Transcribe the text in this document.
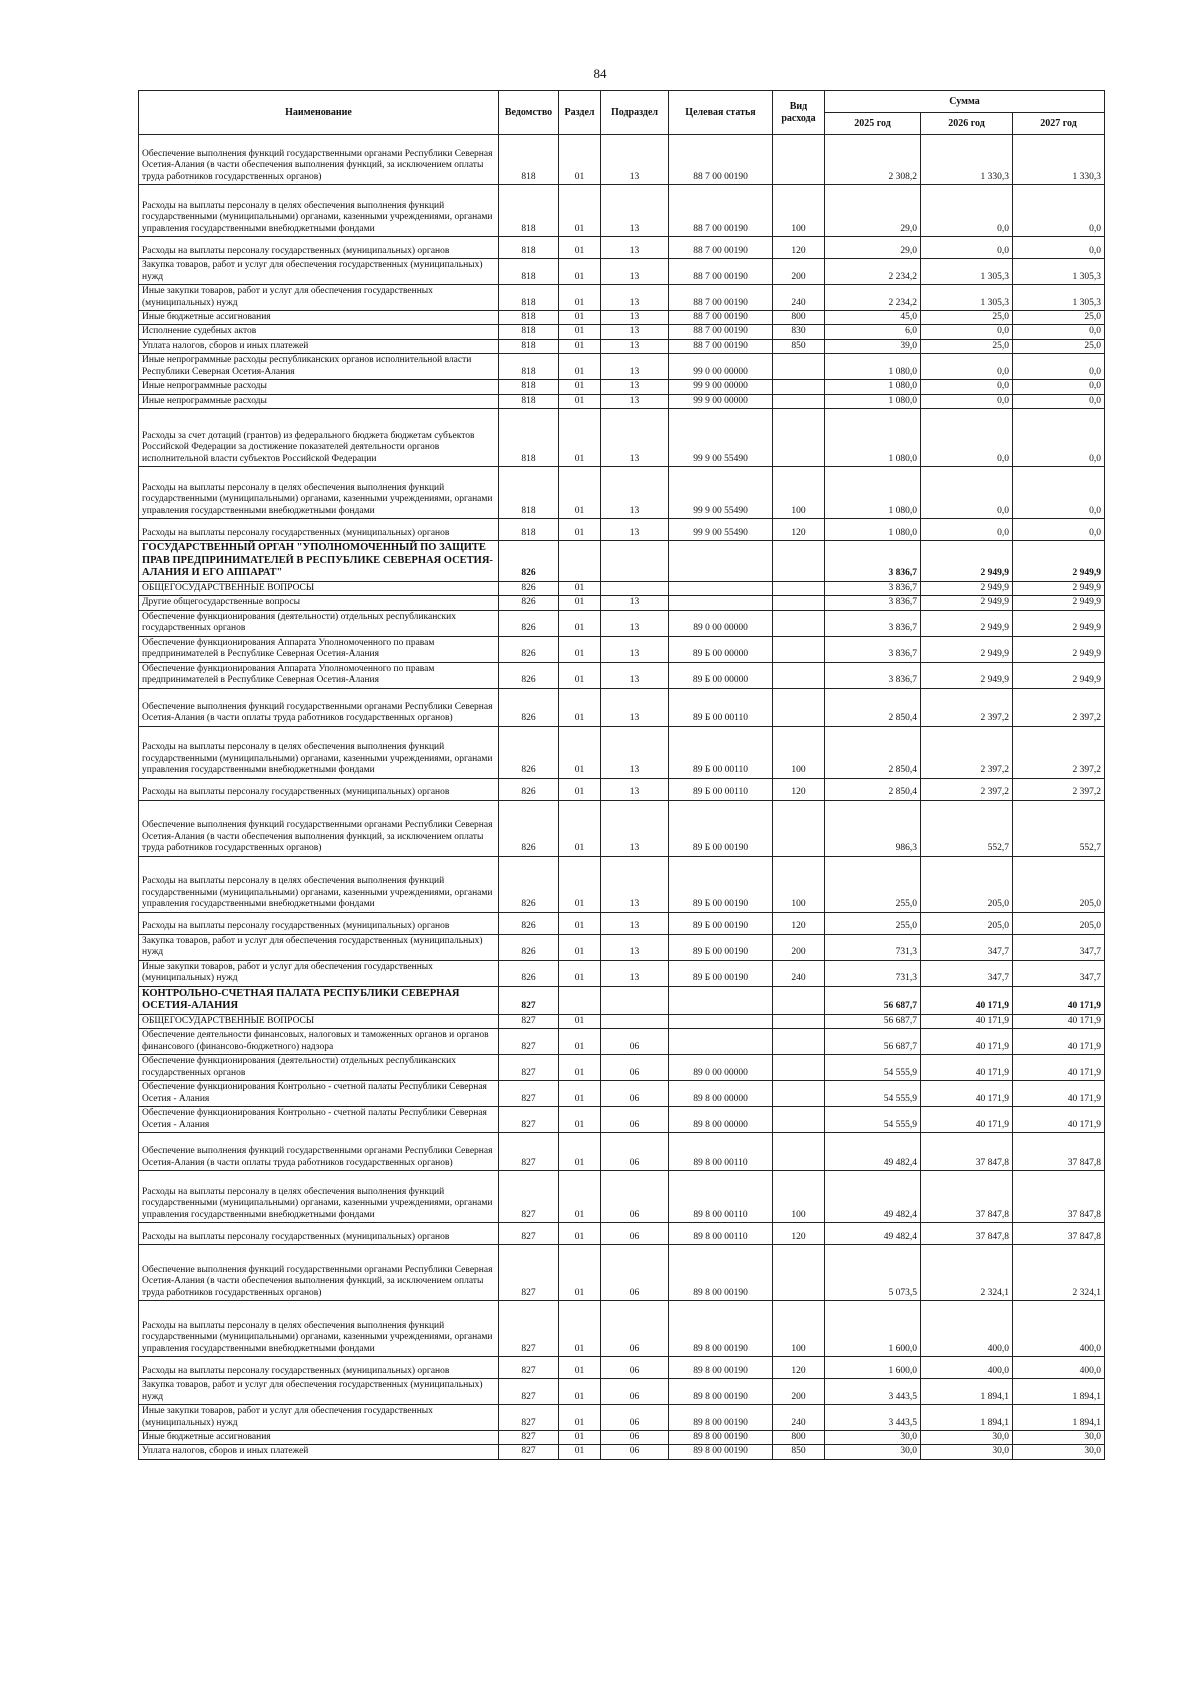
84
Наименование	Ведомство	Раздел	Подраздел	Целевая статья	Вид расхода	Сумма		
						2025 год	2026 год	2027 год
Обеспечение выполнения функций государственными органами Республики Северная Осетия-Алания (в части обеспечения выполнения функций, за исключением оплаты труда работников государственных органов)	818	01	13	88 7 00 00190		2 308,2	1 330,3	1 330,3
Расходы на выплаты персоналу в целях обеспечения выполнения функций государственными (муниципальными) органами, казенными учреждениями, органами управления государственными внебюджетными фондами	818	01	13	88 7 00 00190	100	29,0	0,0	0,0
Расходы на выплаты персоналу государственных (муниципальных) органов	818	01	13	88 7 00 00190	120	29,0	0,0	0,0
Закупка товаров, работ и услуг для обеспечения государственных (муниципальных) нужд	818	01	13	88 7 00 00190	200	2 234,2	1 305,3	1 305,3
Иные закупки товаров, работ и услуг для обеспечения государственных (муниципальных) нужд	818	01	13	88 7 00 00190	240	2 234,2	1 305,3	1 305,3
Иные бюджетные ассигнования	818	01	13	88 7 00 00190	800	45,0	25,0	25,0
Исполнение судебных актов	818	01	13	88 7 00 00190	830	6,0	0,0	0,0
Уплата налогов, сборов и иных платежей	818	01	13	88 7 00 00190	850	39,0	25,0	25,0
Иные непрограммные расходы республиканских органов исполнительной власти Республики Северная Осетия-Алания	818	01	13	99 0 00 00000		1 080,0	0,0	0,0
Иные непрограммные расходы	818	01	13	99 9 00 00000		1 080,0	0,0	0,0
Иные непрограммные расходы	818	01	13	99 9 00 00000		1 080,0	0,0	0,0
Расходы за счет дотаций (грантов) из федерального бюджета бюджетам субъектов Российской Федерации за достижение показателей деятельности органов исполнительной власти субъектов Российской Федерации	818	01	13	99 9 00 55490		1 080,0	0,0	0,0
Расходы на выплаты персоналу в целях обеспечения выполнения функций государственными (муниципальными) органами, казенными учреждениями, органами управления государственными внебюджетными фондами	818	01	13	99 9 00 55490	100	1 080,0	0,0	0,0
Расходы на выплаты персоналу государственных (муниципальных) органов	818	01	13	99 9 00 55490	120	1 080,0	0,0	0,0
ГОСУДАРСТВЕННЫЙ ОРГАН "УПОЛНОМОЧЕННЫЙ ПО ЗАЩИТЕ ПРАВ ПРЕДПРИНИМАТЕЛЕЙ В РЕСПУБЛИКЕ СЕВЕРНАЯ ОСЕТИЯ-АЛАНИЯ И ЕГО АППАРАТ"	826					3 836,7	2 949,9	2 949,9
ОБЩЕГОСУДАРСТВЕННЫЕ ВОПРОСЫ	826	01				3 836,7	2 949,9	2 949,9
Другие общегосударственные вопросы	826	01	13			3 836,7	2 949,9	2 949,9
Обеспечение функционирования (деятельности) отдельных республиканских государственных органов	826	01	13	89 0 00 00000		3 836,7	2 949,9	2 949,9
Обеспечение функционирования Аппарата Уполномоченного по правам предпринимателей в Республике Северная Осетия-Алания	826	01	13	89 Б 00 00000		3 836,7	2 949,9	2 949,9
Обеспечение функционирования Аппарата Уполномоченного по правам предпринимателей в Республике Северная Осетия-Алания	826	01	13	89 Б 00 00000		3 836,7	2 949,9	2 949,9
Обеспечение выполнения функций государственными органами Республики Северная Осетия-Алания (в части оплаты труда работников государственных органов)	826	01	13	89 Б 00 00110		2 850,4	2 397,2	2 397,2
Расходы на выплаты персоналу в целях обеспечения выполнения функций государственными (муниципальными) органами, казенными учреждениями, органами управления государственными внебюджетными фондами	826	01	13	89 Б 00 00110	100	2 850,4	2 397,2	2 397,2
Расходы на выплаты персоналу государственных (муниципальных) органов	826	01	13	89 Б 00 00110	120	2 850,4	2 397,2	2 397,2
Обеспечение выполнения функций государственными органами Республики Северная Осетия-Алания (в части обеспечения выполнения функций, за исключением оплаты труда работников государственных органов)	826	01	13	89 Б 00 00190		986,3	552,7	552,7
Расходы на выплаты персоналу в целях обеспечения выполнения функций государственными (муниципальными) органами, казенными учреждениями, органами управления государственными внебюджетными фондами	826	01	13	89 Б 00 00190	100	255,0	205,0	205,0
Расходы на выплаты персоналу государственных (муниципальных) органов	826	01	13	89 Б 00 00190	120	255,0	205,0	205,0
Закупка товаров, работ и услуг для обеспечения государственных (муниципальных) нужд	826	01	13	89 Б 00 00190	200	731,3	347,7	347,7
Иные закупки товаров, работ и услуг для обеспечения государственных (муниципальных) нужд	826	01	13	89 Б 00 00190	240	731,3	347,7	347,7
КОНТРОЛЬНО-СЧЕТНАЯ ПАЛАТА РЕСПУБЛИКИ СЕВЕРНАЯ ОСЕТИЯ-АЛАНИЯ	827					56 687,7	40 171,9	40 171,9
ОБЩЕГОСУДАРСТВЕННЫЕ ВОПРОСЫ	827	01				56 687,7	40 171,9	40 171,9
Обеспечение деятельности финансовых, налоговых и таможенных органов и органов финансового (финансово-бюджетного) надзора	827	01	06			56 687,7	40 171,9	40 171,9
Обеспечение функционирования (деятельности) отдельных республиканских государственных органов	827	01	06	89 0 00 00000		54 555,9	40 171,9	40 171,9
Обеспечение функционирования Контрольно - счетной палаты Республики Северная Осетия - Алания	827	01	06	89 8 00 00000		54 555,9	40 171,9	40 171,9
Обеспечение функционирования Контрольно - счетной палаты Республики Северная Осетия - Алания	827	01	06	89 8 00 00000		54 555,9	40 171,9	40 171,9
Обеспечение выполнения функций государственными органами Республики Северная Осетия-Алания (в части оплаты труда работников государственных органов)	827	01	06	89 8 00 00110		49 482,4	37 847,8	37 847,8
Расходы на выплаты персоналу в целях обеспечения выполнения функций государственными (муниципальными) органами, казенными учреждениями, органами управления государственными внебюджетными фондами	827	01	06	89 8 00 00110	100	49 482,4	37 847,8	37 847,8
Расходы на выплаты персоналу государственных (муниципальных) органов	827	01	06	89 8 00 00110	120	49 482,4	37 847,8	37 847,8
Обеспечение выполнения функций государственными органами Республики Северная Осетия-Алания (в части обеспечения выполнения функций, за исключением оплаты труда работников государственных органов)	827	01	06	89 8 00 00190		5 073,5	2 324,1	2 324,1
Расходы на выплаты персоналу в целях обеспечения выполнения функций государственными (муниципальными) органами, казенными учреждениями, органами управления государственными внебюджетными фондами	827	01	06	89 8 00 00190	100	1 600,0	400,0	400,0
Расходы на выплаты персоналу государственных (муниципальных) органов	827	01	06	89 8 00 00190	120	1 600,0	400,0	400,0
Закупка товаров, работ и услуг для обеспечения государственных (муниципальных) нужд	827	01	06	89 8 00 00190	200	3 443,5	1 894,1	1 894,1
Иные закупки товаров, работ и услуг для обеспечения государственных (муниципальных) нужд	827	01	06	89 8 00 00190	240	3 443,5	1 894,1	1 894,1
Иные бюджетные ассигнования	827	01	06	89 8 00 00190	800	30,0	30,0	30,0
Уплата налогов, сборов и иных платежей	827	01	06	89 8 00 00190	850	30,0	30,0	30,0
